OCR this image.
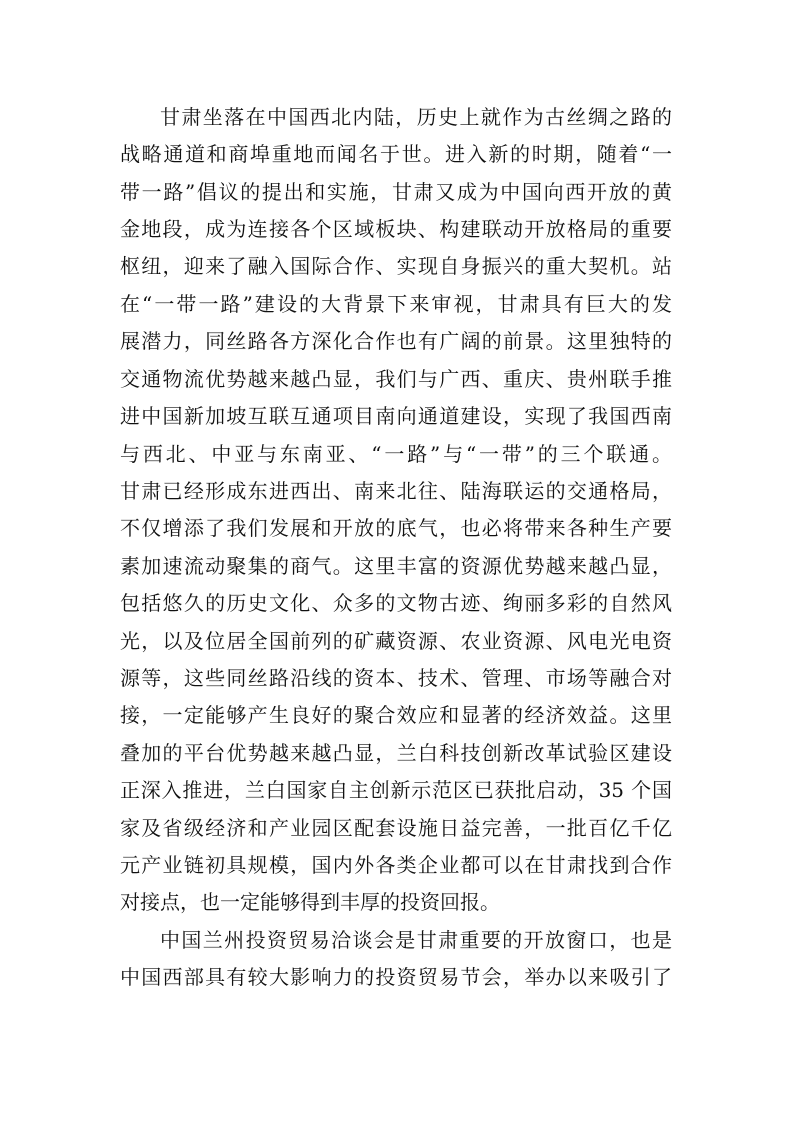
甘肃坐落在中国西北内陆，历史上就作为古丝绸之路的

战略通道和商埠重地而闻名于世。进入新的时期，随着“一

带一路”倡议的提出和实施，甘肃又成为中国向西开放的黄

金地段，成为连接各个区域板块、构建联动开放格局的重要

枢纽，迎来了融入国际合作、实现自身振兴的重大契机。站

在“一带一路”建设的大背景下来审视，甘肃具有巨大的发

展潜力，同丝路各方深化合作也有广阔的前景。这里独特的

交通物流优势越来越凸显，我们与广西、重庆、贵州联手推

进中国新加坡互联互通项目南向通道建设，实现了我国西南

与西北、中亚与东南亚、“一路”与“一带”的三个联通。

甘肃已经形成东进西出、南来北往、陆海联运的交通格局，

不仅增添了我们发展和开放的底气，也必将带来各种生产要

素加速流动聚集的商气。这里丰富的资源优势越来越凸显，

包括悠久的历史文化、众多的文物古迹、绚丽多彩的自然风

光，以及位居全国前列的矿藏资源、农业资源、风电光电资

源等，这些同丝路沿线的资本、技术、管理、市场等融合对

接，一定能够产生良好的聚合效应和显著的经济效益。这里

叠加的平台优势越来越凸显，兰白科技创新改革试验区建设

正深入推进，兰白国家自主创新示范区已获批启动，35 个国

家及省级经济和产业园区配套设施日益完善，一批百亿千亿

元产业链初具规模，国内外各类企业都可以在甘肃找到合作

对接点，也一定能够得到丰厚的投资回报。

中国兰州投资贸易洽谈会是甘肃重要的开放窗口，也是

中国西部具有较大影响力的投资贸易节会，举办以来吸引了
